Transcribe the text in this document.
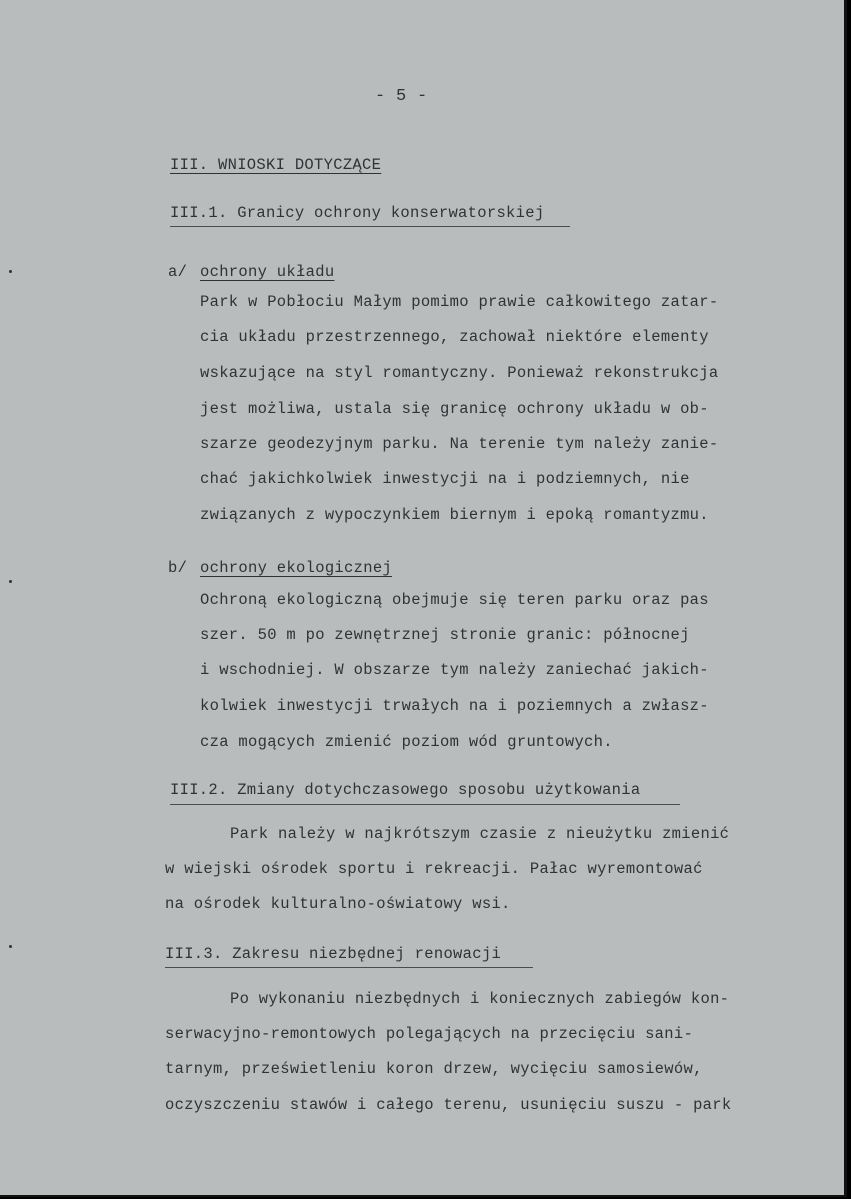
- 5 -
III. WNIOSKI DOTYCZĄCE
III.1. Granicy ochrony konserwatorskiej
a/ ochrony układu
Park w Pobłociu Małym pomimo prawie całkowitego zatar-
cia układu przestrzennego, zachował niektóre elementy
wskazujące na styl romantyczny. Ponieważ rekonstrukcja
jest możliwa, ustala się granicę ochrony układu w ob-
szarze geodezyjnym parku. Na terenie tym należy zanie-
chać jakichkolwiek inwestycji na i podziemnych, nie
związanych z wypoczynkiem biernym i epoką romantyzmu.
b/ ochrony ekologicznej
Ochroną ekologiczną obejmuje się teren parku oraz pas
szer. 50 m po zewnętrznej stronie granic: północnej
i wschodniej. W obszarze tym należy zaniechać jakich-
kolwiek inwestycji trwałych na i poziemnych a zwłasz-
cza mogących zmienić poziom wód gruntowych.
III.2. Zmiany dotychczasowego sposobu użytkowania
Park należy w najkrótszym czasie z nieużytku zmienić
w wiejski ośrodek sportu i rekreacji. Pałac wyremontować
na ośrodek kulturalno-oświatowy wsi.
III.3. Zakresu niezbędnej renowacji
Po wykonaniu niezbędnych i koniecznych zabiegów kon-
serwacyjno-remontowych polegających na przecięciu sani-
tarnym, prześwietleniu koron drzew, wycięciu samosiewów,
oczyszczeniu stawów i całego terenu, usunięciu suszu - park
